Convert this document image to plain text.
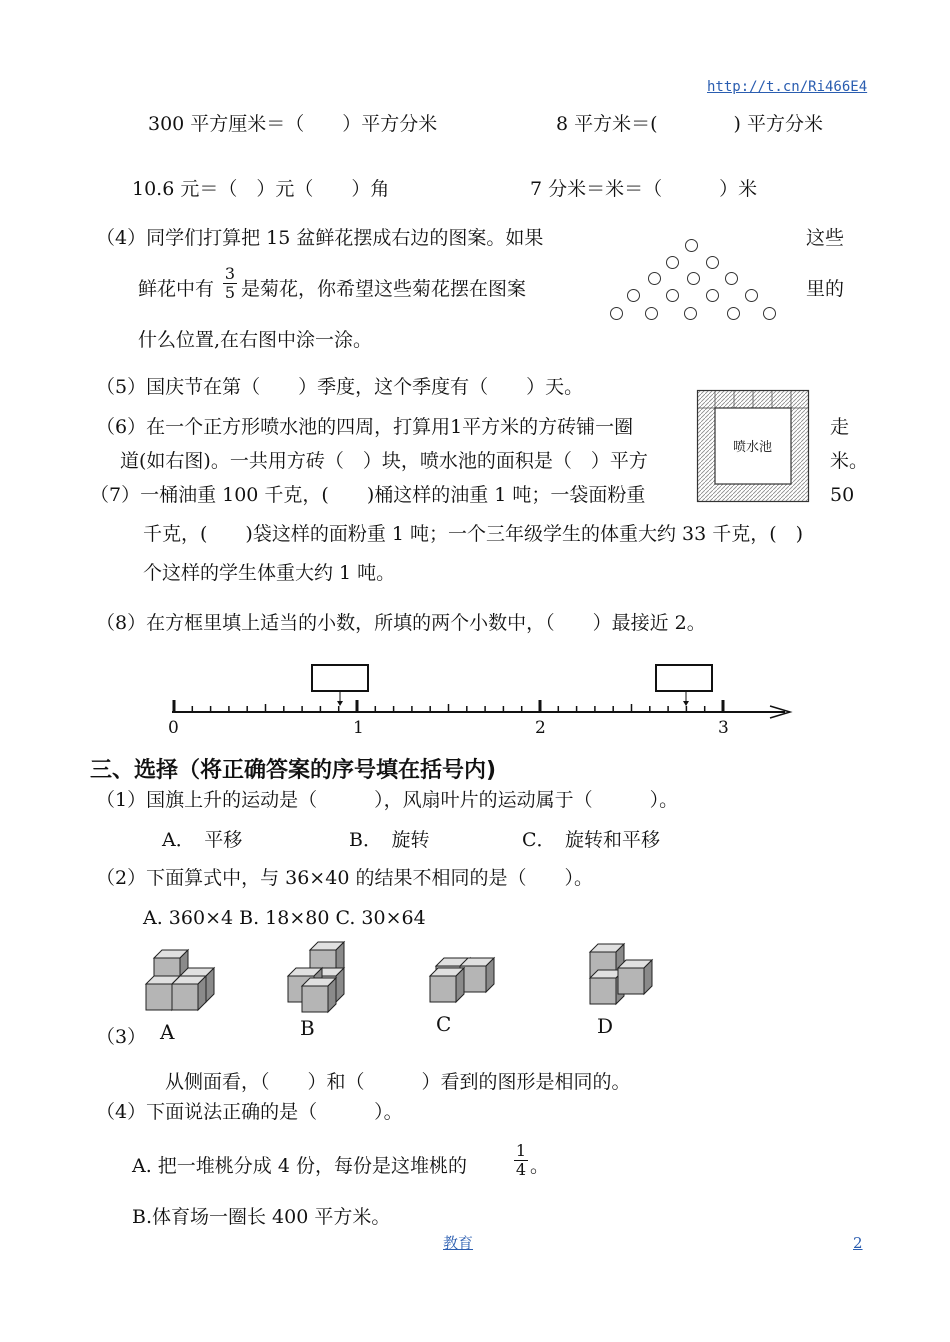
http://t.cn/Ri466E4
300 平方厘米＝（　　）平方分米	8 平方米＝(　　　　) 平方分米
10.6 元＝（　）元（　　）角	7 分米＝米＝（　　　）米
（4）同学们打算把 15 盆鲜花摆成右边的图案。如果	这些
鲜花中有
3
5 是菊花，你希望这些菊花摆在图案	里的
什么位置,在右图中涂一涂。
（5）国庆节在第（　　）季度，这个季度有（　　）天。
（6）在一个正方形喷水池的四周，打算用1平方米的方砖铺一圈	走
道(如右图)。一共用方砖（　）块，喷水池的面积是（　）平方	米。
喷水池
（7）一桶油重 100 千克，(　　)桶这样的油重 1 吨；一袋面粉重	50
千克，(　　)袋这样的面粉重 1 吨；一个三年级学生的体重大约 33 千克，(　)
个这样的学生体重大约 1 吨。
（8）在方框里填上适当的小数，所填的两个小数中，（　　）最接近 2。
0	1	2	3
三、选择（将正确答案的序号填在括号内)
（1）国旗上升的运动是（　　　），风扇叶片的运动属于（　　　）。
A．　平移	B．　旋转	C．　旋转和平移
（2）下面算式中，与 36×40 的结果不相同的是（　　）。
A. 360×4 B. 18×80 C. 30×64
A	B	C	D
（3）
从侧面看，（　　）和（　　　）看到的图形是相同的。
（4）下面说法正确的是（　　　）。
A. 把一堆桃分成 4 份，每份是这堆桃的
1
4 。
B.体育场一圈长 400 平方米。
教育	2
